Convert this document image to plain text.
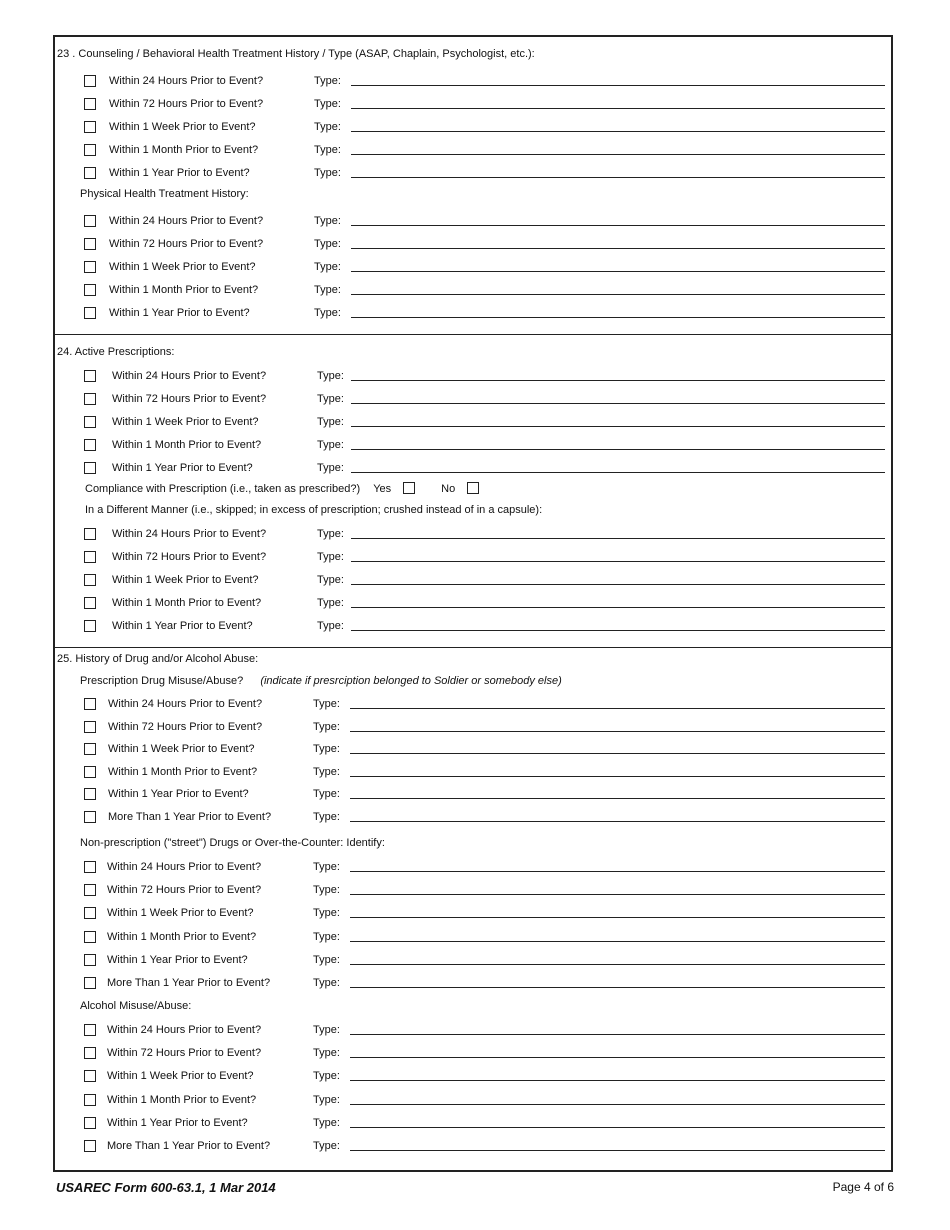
23 . Counseling / Behavioral Health Treatment History / Type (ASAP, Chaplain, Psychologist, etc.):
Within 24 Hours Prior to Event?	Type:
Within 72 Hours Prior to Event?	Type:
Within 1 Week Prior to Event?	Type:
Within 1 Month Prior to Event?	Type:
Within 1 Year Prior to Event?	Type:
Physical Health Treatment History:
Within 24 Hours Prior to Event?	Type:
Within 72 Hours Prior to Event?	Type:
Within 1 Week Prior to Event?	Type:
Within 1 Month Prior to Event?	Type:
Within 1 Year Prior to Event?	Type:
24. Active Prescriptions:
Within 24 Hours Prior to Event?	Type:
Within 72 Hours Prior to Event?	Type:
Within 1 Week Prior to Event?	Type:
Within 1 Month Prior to Event?	Type:
Within 1 Year Prior to Event?	Type:
Compliance with Prescription (i.e., taken as prescribed?) Yes	No
In a Different Manner (i.e., skipped; in excess of prescription; crushed instead of in a capsule):
Within 24 Hours Prior to Event?	Type:
Within 72 Hours Prior to Event?	Type:
Within 1 Week Prior to Event?	Type:
Within 1 Month Prior to Event?	Type:
Within 1 Year Prior to Event?	Type:
25. History of Drug and/or Alcohol Abuse:
Prescription Drug Misuse/Abuse? (indicate if presrciption belonged to Soldier or somebody else)
Within 24 Hours Prior to Event?	Type:
Within 72 Hours Prior to Event?	Type:
Within 1 Week Prior to Event?	Type:
Within 1 Month Prior to Event?	Type:
Within 1 Year Prior to Event?	Type:
More Than 1 Year Prior to Event?	Type:
Non-prescription ("street") Drugs or Over-the-Counter: Identify:
Within 24 Hours Prior to Event?	Type:
Within 72 Hours Prior to Event?	Type:
Within 1 Week Prior to Event?	Type:
Within 1 Month Prior to Event?	Type:
Within 1 Year Prior to Event?	Type:
More Than 1 Year Prior to Event?	Type:
Alcohol Misuse/Abuse:
Within 24 Hours Prior to Event?	Type:
Within 72 Hours Prior to Event?	Type:
Within 1 Week Prior to Event?	Type:
Within 1 Month Prior to Event?	Type:
Within 1 Year Prior to Event?	Type:
More Than 1 Year Prior to Event?	Type:
USAREC Form 600-63.1, 1 Mar 2014	Page 4 of 6
